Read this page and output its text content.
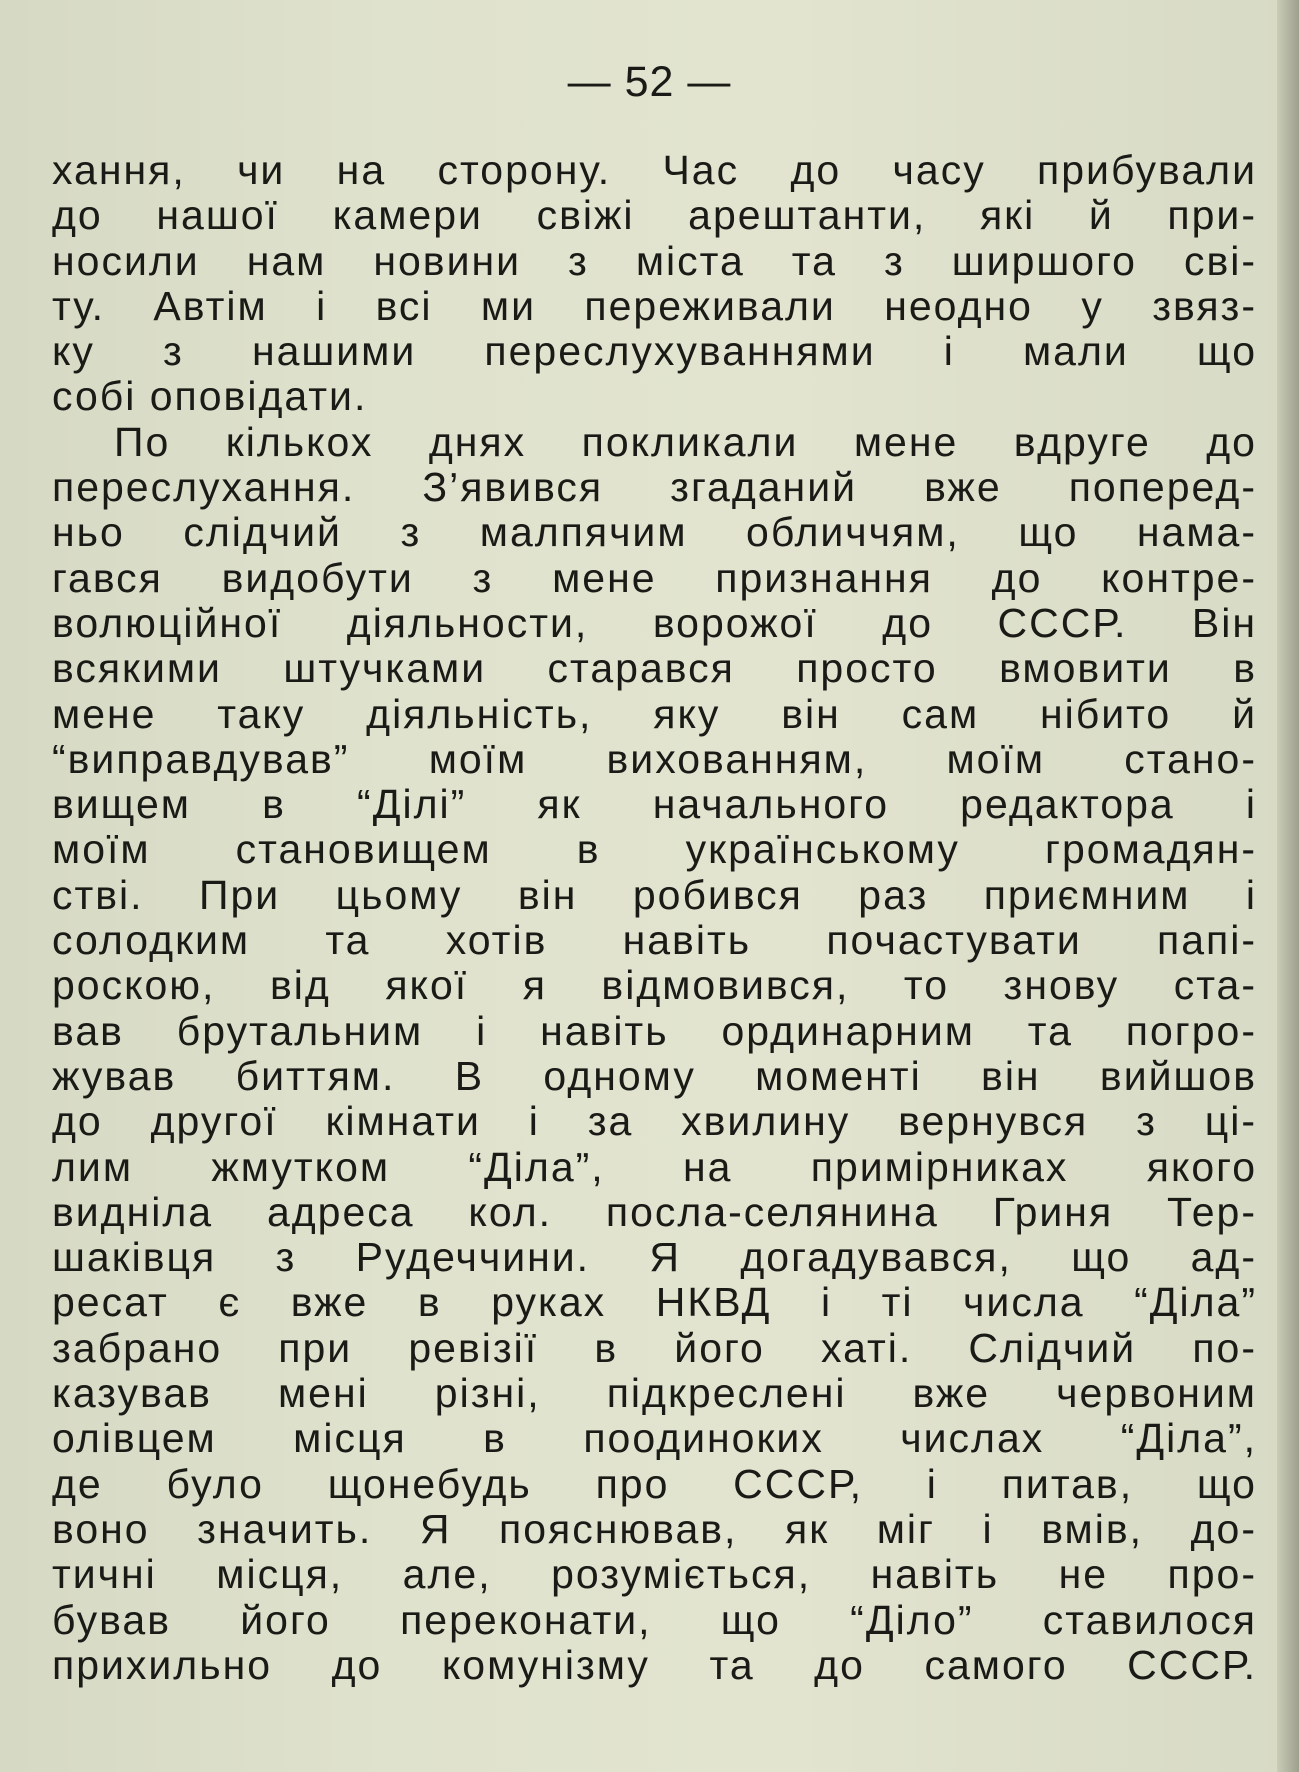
— 52 —
хання, чи на сторону. Час до часу прибували
до нашої камери свіжі арештанти, які й при-
носили нам новини з міста та з ширшого сві-
ту. Автім і всі ми переживали неодно у звяз-
ку з нашими переслухуваннями і мали що
собі оповідати.
По кількох днях покликали мене вдруге до
переслухання. З’явився згаданий вже поперед-
ньо слідчий з малпячим обличчям, що нама-
гався видобути з мене признання до контре-
волюційної діяльности, ворожої до СССР. Він
всякими штучками старався просто вмовити в
мене таку діяльність, яку він сам нібито й
“виправдував” моїм вихованням, моїм стано-
вищем в “Ділі” як начального редактора і
моїм становищем в українському громадян-
стві. При цьому він робився раз приємним і
солодким та хотів навіть почастувати папі-
роскою, від якої я відмовився, то знову ста-
вав брутальним і навіть ординарним та погро-
жував биттям. В одному моменті він вийшов
до другої кімнати і за хвилину вернувся з ці-
лим жмутком “Діла”, на примірниках якого
видніла адреса кол. посла-селянина Гриня Тер-
шаківця з Рудеччини. Я догадувався, що ад-
ресат є вже в руках НКВД і ті числа “Діла”
забрано при ревізії в його хаті. Слідчий по-
казував мені різні, підкреслені вже червоним
олівцем місця в поодиноких числах “Діла”,
де було щонебудь про СССР, і питав, що
воно значить. Я пояснював, як міг і вмів, до-
тичні місця, але, розуміється, навіть не про-
бував його переконати, що “Діло” ставилося
прихильно до комунізму та до самого СССР.
